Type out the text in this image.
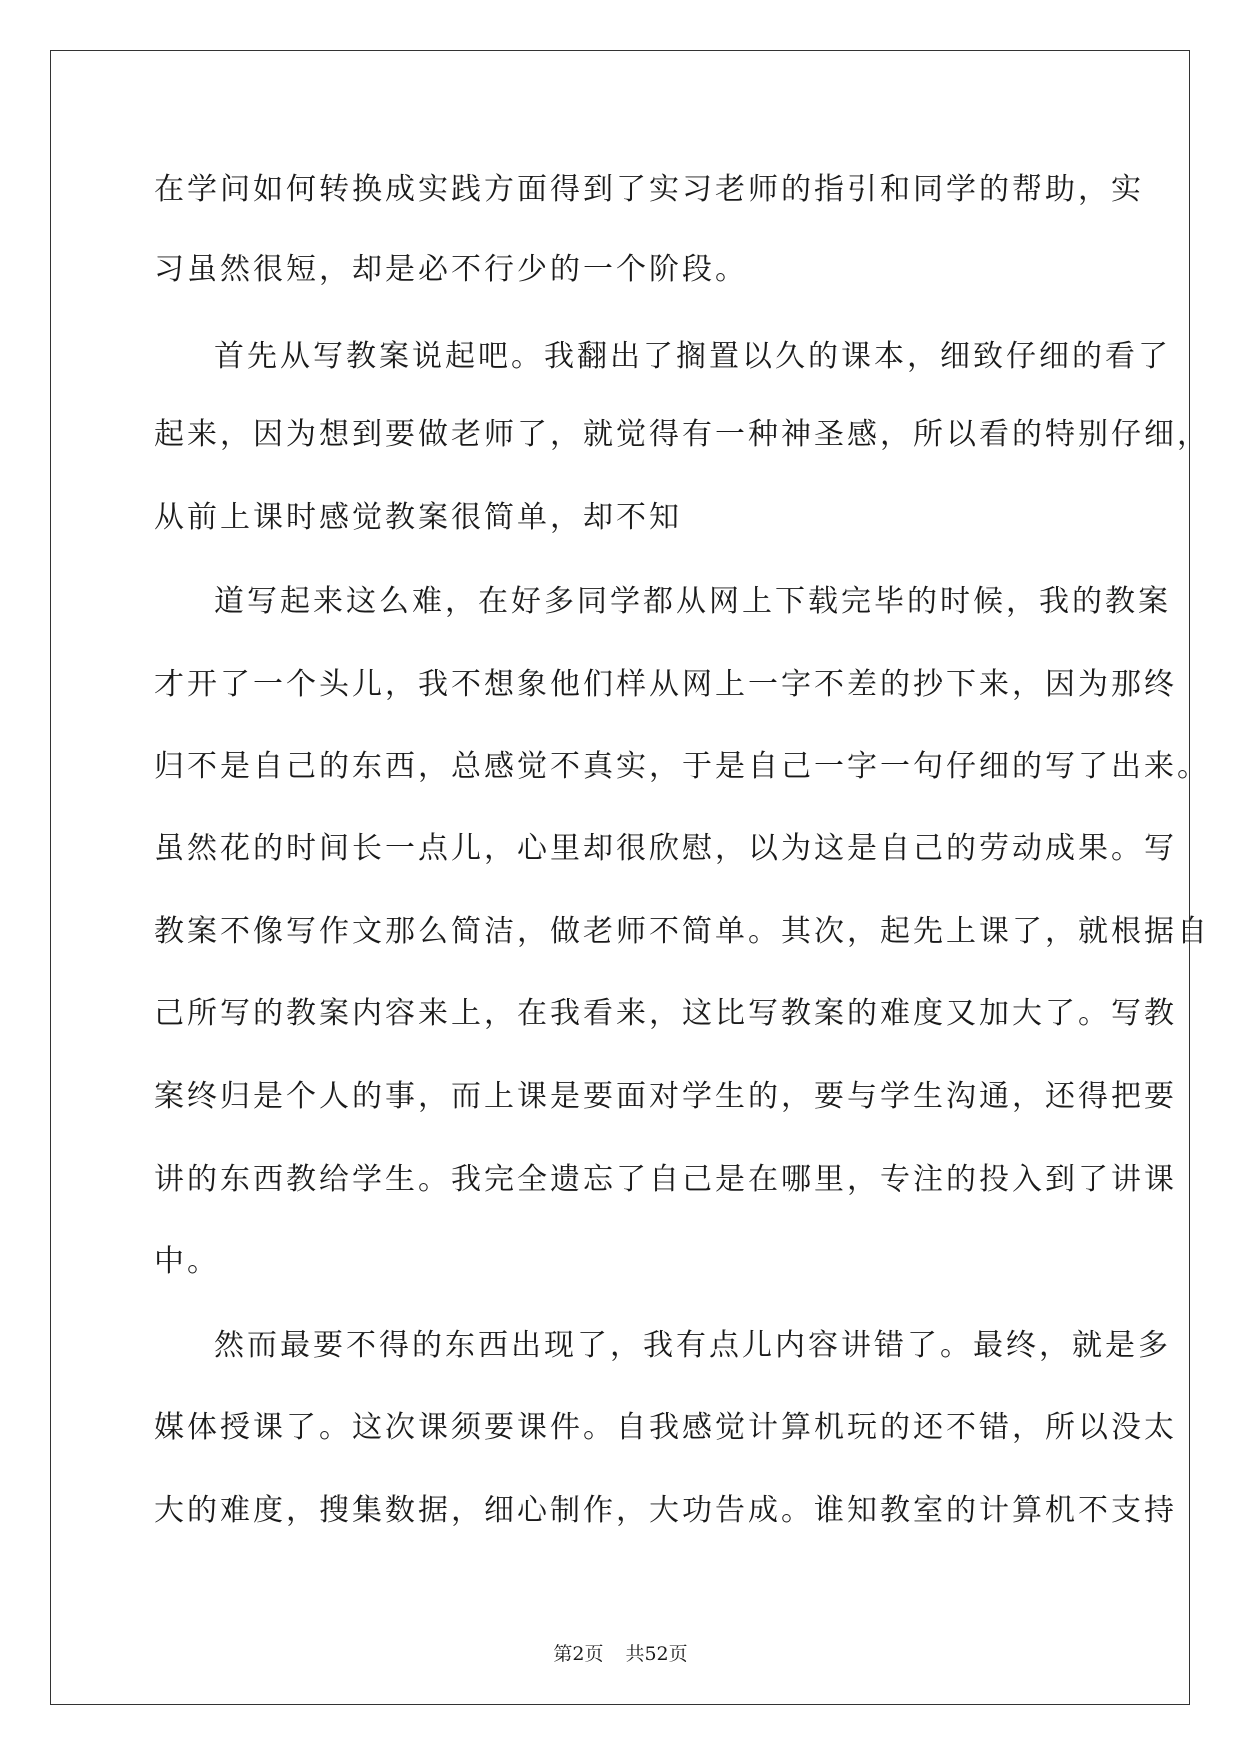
在学问如何转换成实践方面得到了实习老师的指引和同学的帮助，实
习虽然很短，却是必不行少的一个阶段。
首先从写教案说起吧。我翻出了搁置以久的课本，细致仔细的看了
起来，因为想到要做老师了，就觉得有一种神圣感，所以看的特别仔细，
从前上课时感觉教案很简单，却不知
道写起来这么难，在好多同学都从网上下载完毕的时候，我的教案
才开了一个头儿，我不想象他们样从网上一字不差的抄下来，因为那终
归不是自己的东西，总感觉不真实，于是自己一字一句仔细的写了出来。
虽然花的时间长一点儿，心里却很欣慰，以为这是自己的劳动成果。写
教案不像写作文那么简洁，做老师不简单。其次，起先上课了，就根据自
己所写的教案内容来上，在我看来，这比写教案的难度又加大了。写教
案终归是个人的事，而上课是要面对学生的，要与学生沟通，还得把要
讲的东西教给学生。我完全遗忘了自己是在哪里，专注的投入到了讲课
中。
然而最要不得的东西出现了，我有点儿内容讲错了。最终，就是多
媒体授课了。这次课须要课件。自我感觉计算机玩的还不错，所以没太
大的难度，搜集数据，细心制作，大功告成。谁知教室的计算机不支持
第2页 共52页
